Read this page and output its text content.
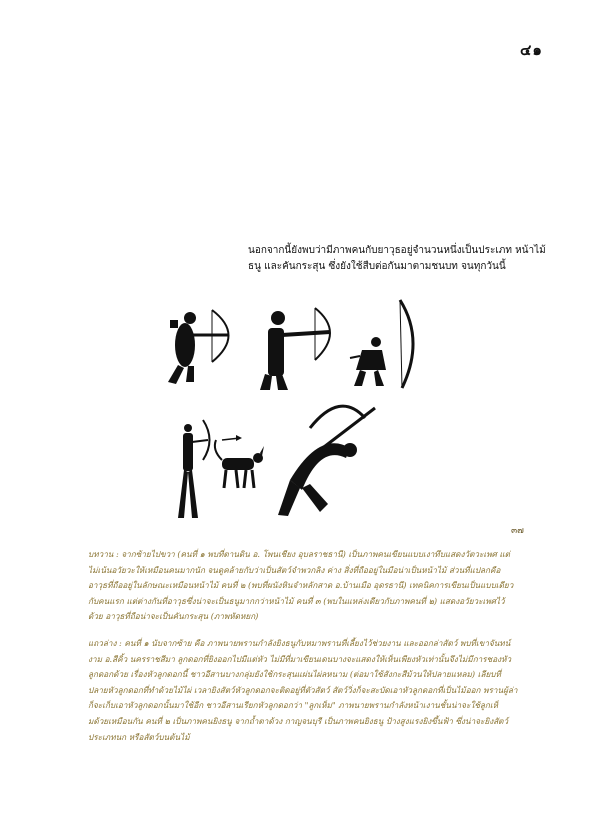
๔๑

นอกจากนี้ยังพบว่ามีภาพคนกับยาวุธอยู่จำนวนหนึ่งเป็นประเภท หน้าไม้ ธนู และคันกระสุน ซึ่งยังใช้สืบต่อกันมาตามชนบท จนทุกวันนี้

๓๗

บทวาน : จากซ้ายไปขวา (คนที่ ๑ พบที่ตานดิน อ. โพนเชียง อุบลราชธานี) เป็นภาพคนเขียนแบบเงาทึบแสดงวัตวะเพศ แต่ไม่เน้นอวัยวะให้เหมือนคนมากนัก จนดูคล้ายกับว่าเป็นสัตว์จำพวกลิง ค่าง สิ่งที่ถืออยู่ในมือน่าเป็นหน้าไม้ ส่วนที่แปลกคือ อาวุธที่ถืออยู่ในลักษณะเหมือนหน้าไม้ คนที่ ๒ (พบที่ผนังหินจำหลักสาด อ.บ้านเมือ อุดรธานี) เทคนิคการเขียนเป็นแบบเดียวกับคนแรก แต่ต่างกันที่อาวุธซึ่งน่าจะเป็นธนูมากกว่าหน้าไม้ คนที่ ๓ (พบในแหล่งเดียวกับภาพคนที่ ๒) แสดงอวัยวะเพศไว้ด้วย อาวุธที่ถือน่าจะเป็นคันกระสุน (ภาพหัดหยก)

แถวล่าง : คนที่ ๑ นับจากซ้าย คือ ภาพนายพรานกำลังยิงธนูกับหมาพรานที่เลี้ยงไว้ช่วยงาน และออกล่าสัตว์ พบที่เขาจันทน์งาม อ.สีคิ้ว นครราชสีมา ลูกดอกที่ยิงออกไปมีแต่หัว ไม่มีที่มาเขียนเดนบางจะแสดงให้เห็นเพียงหัวเท่านั้นจึงไม่มีการชองหัวลูกดอกด้วย เรื่องหัวลูกดอกนี้ ชาวอีสานบางกลุ่มยังใช้กระสุนแผ่นไผ่ลหนาม (ต่อมาใช้สังกะสีม้วนให้ปลายแหลม) เลียบที่ปลายหัวลูกดอกที่ทำด้วยไม้ไผ่ เวลายิงสัตว์หัวลูกดอกจะติดอยู่ที่ตัวสัตว์ สัตว์วิ่งก็จะสะบัดเอาหัวลูกดอกที่เป็นไม้ออก พรานผู้ล่าก็จะเก็บเอาหัวลูกดอกนั้นมาใช้อีก ชาวอีสานเรียกหัวลูกดอกว่า "ลูกเห็ม" ภาพนายพรานกำลังหน้าเงานชั้นน่าจะใช้ลูกเห็มด้วยเหมือนกัน คนที่ ๒ เป็นภาพคนยิงธนู จากถ้ำตาด้วง กาญจนบุรี เป็นภาพคนยิงธนู ป้างสูงแรงยิงขึ้นฟ้า ซึ่งน่าจะยิงสัตว์ประเภทนก หรือสัตว์บนต้นไม้
